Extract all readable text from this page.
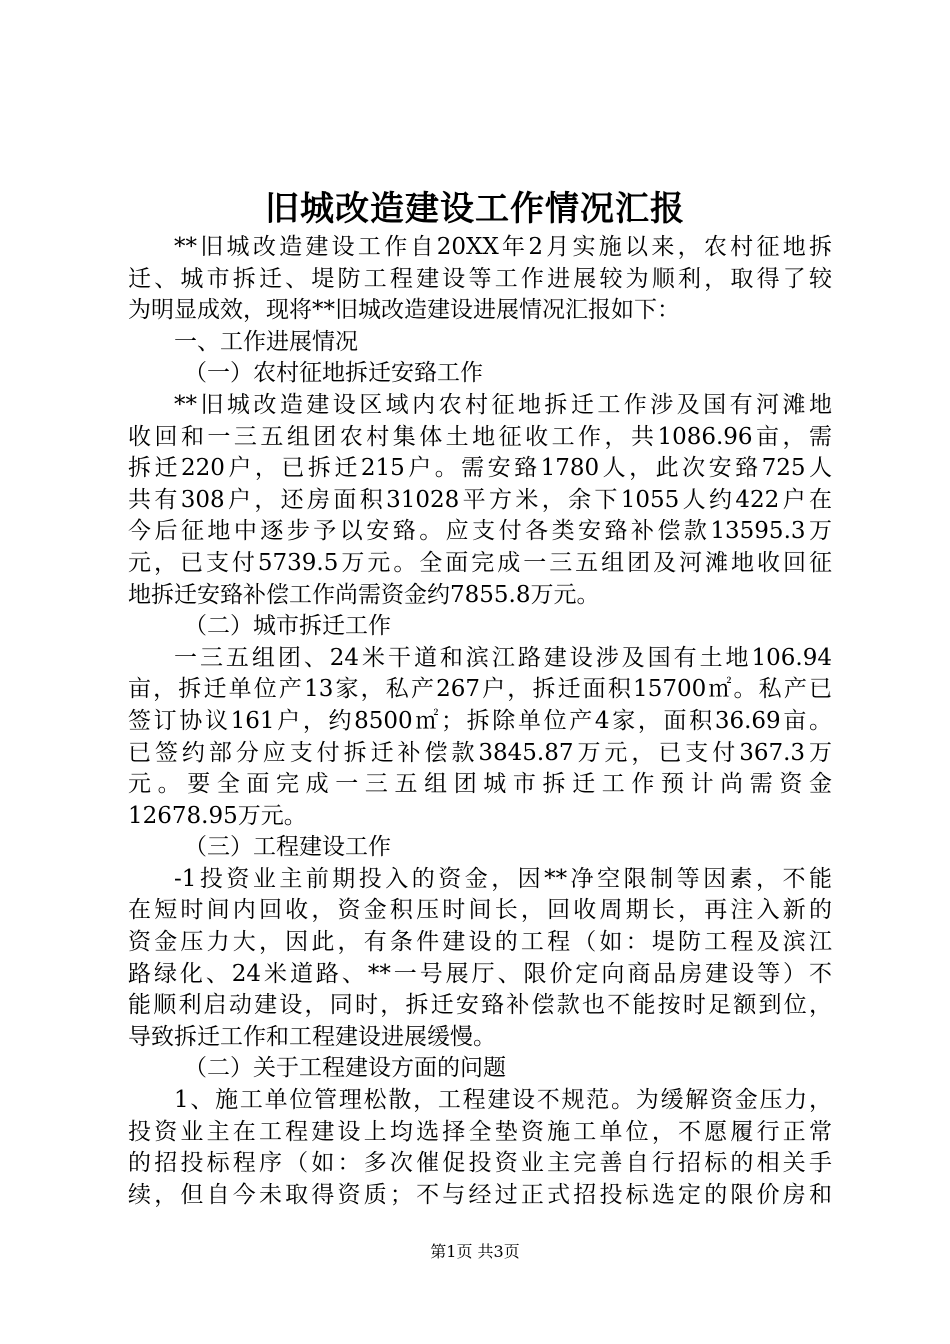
旧城改造建设工作情况汇报
**旧城改造建设工作自20XX年2月实施以来，农村征地拆
迁、城市拆迁、堤防工程建设等工作进展较为顺利，取得了较
为明显成效，现将**旧城改造建设进展情况汇报如下：
一、工作进展情况
（一）农村征地拆迁安臵工作
**旧城改造建设区域内农村征地拆迁工作涉及国有河滩地
收回和一三五组团农村集体土地征收工作，共1086.96亩，需
拆迁220户，已拆迁215户。需安臵1780人，此次安臵725人
共有308户，还房面积31028平方米，余下1055人约422户在
今后征地中逐步予以安臵。应支付各类安臵补偿款13595.3万
元，已支付5739.5万元。全面完成一三五组团及河滩地收回征
地拆迁安臵补偿工作尚需资金约7855.8万元。
（二）城市拆迁工作
一三五组团、24米干道和滨江路建设涉及国有土地106.94
亩，拆迁单位产13家，私产267户，拆迁面积15700㎡。私产已
签订协议161户，约8500㎡；拆除单位产4家，面积36.69亩。
已签约部分应支付拆迁补偿款3845.87万元，已支付367.3万
元。要全面完成一三五组团城市拆迁工作预计尚需资金
12678.95万元。
（三）工程建设工作
-1投资业主前期投入的资金，因**净空限制等因素，不能
在短时间内回收，资金积压时间长，回收周期长，再注入新的
资金压力大，因此，有条件建设的工程（如：堤防工程及滨江
路绿化、24米道路、**一号展厅、限价定向商品房建设等）不
能顺利启动建设，同时，拆迁安臵补偿款也不能按时足额到位，
导致拆迁工作和工程建设进展缓慢。
（二）关于工程建设方面的问题
1、施工单位管理松散，工程建设不规范。为缓解资金压力，
投资业主在工程建设上均选择全垫资施工单位，不愿履行正常
的招投标程序（如：多次催促投资业主完善自行招标的相关手
续，但自今未取得资质；不与经过正式招投标选定的限价房和
第1页 共3页
